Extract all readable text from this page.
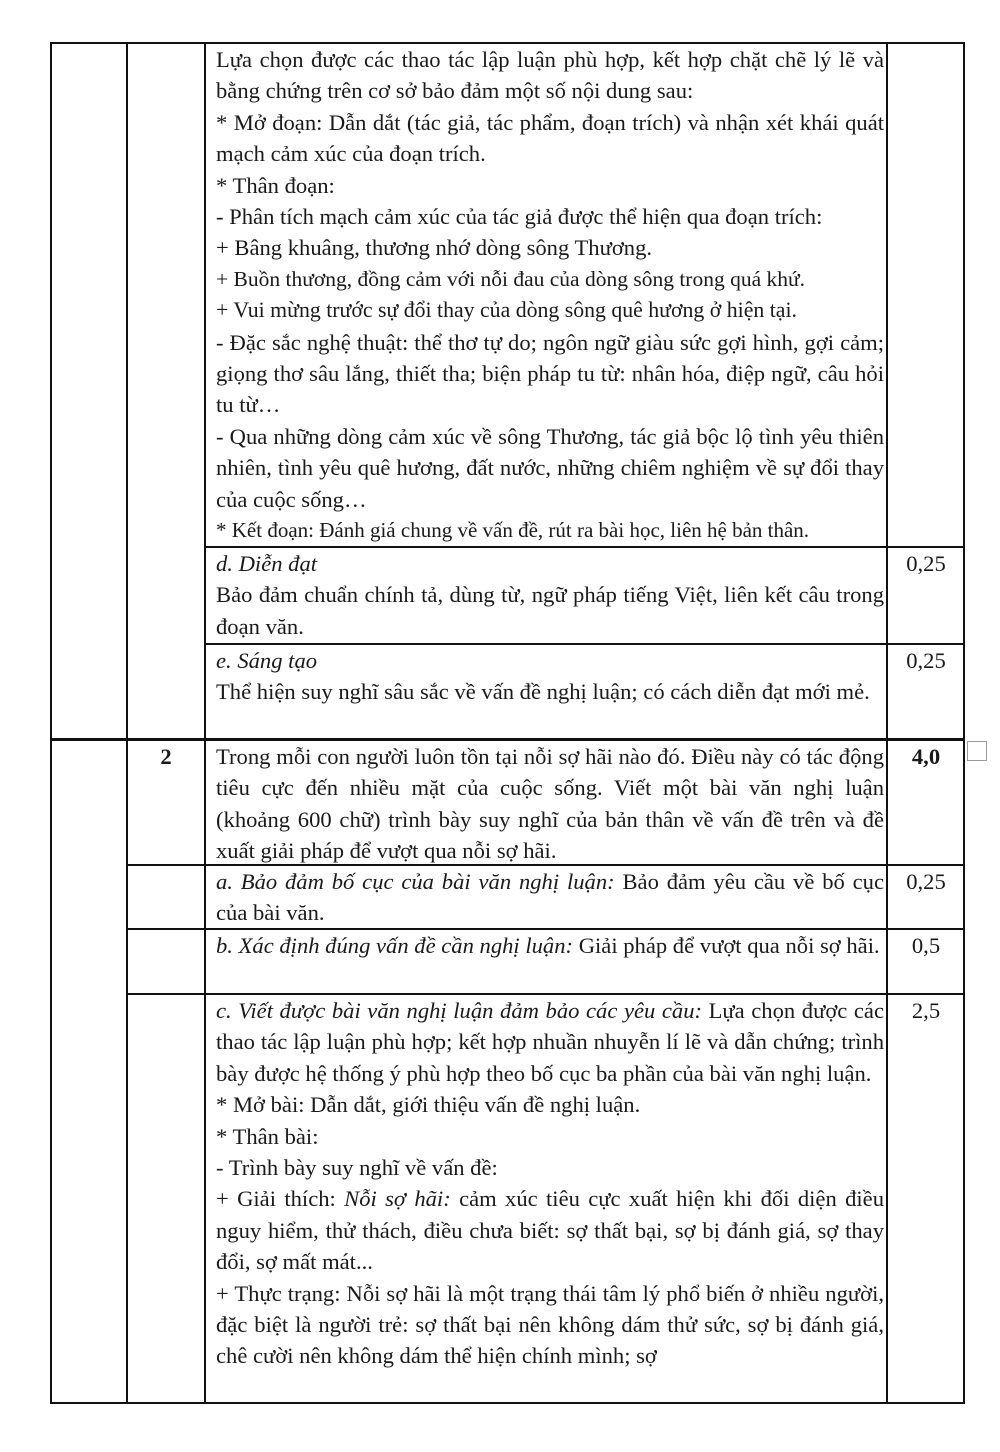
Lựa chọn được các thao tác lập luận phù hợp, kết hợp chặt chẽ lý lẽ và bằng chứng trên cơ sở bảo đảm một số nội dung sau:
* Mở đoạn: Dẫn dắt (tác giả, tác phẩm, đoạn trích) và nhận xét khái quát mạch cảm xúc của đoạn trích.
* Thân đoạn:
- Phân tích mạch cảm xúc của tác giả được thể hiện qua đoạn trích:
+ Bâng khuâng, thương nhớ dòng sông Thương.
+ Buồn thương, đồng cảm với nỗi đau của dòng sông trong quá khứ.
+ Vui mừng trước sự đổi thay của dòng sông quê hương ở hiện tại.
- Đặc sắc nghệ thuật: thể thơ tự do; ngôn ngữ giàu sức gợi hình, gợi cảm; giọng thơ sâu lắng, thiết tha; biện pháp tu từ: nhân hóa, điệp ngữ, câu hỏi tu từ…
- Qua những dòng cảm xúc về sông Thương, tác giả bộc lộ tình yêu thiên nhiên, tình yêu quê hương, đất nước, những chiêm nghiệm về sự đổi thay của cuộc sống…
* Kết đoạn: Đánh giá chung về vấn đề, rút ra bài học, liên hệ bản thân.
d. Diễn đạt
Bảo đảm chuẩn chính tả, dùng từ, ngữ pháp tiếng Việt, liên kết câu trong đoạn văn.
0,25
e. Sáng tạo
Thể hiện suy nghĩ sâu sắc về vấn đề nghị luận; có cách diễn đạt mới mẻ.
0,25
2	Trong mỗi con người luôn tồn tại nỗi sợ hãi nào đó. Điều này có tác động tiêu cực đến nhiều mặt của cuộc sống. Viết một bài văn nghị luận (khoảng 600 chữ) trình bày suy nghĩ của bản thân về vấn đề trên và đề xuất giải pháp để vượt qua nỗi sợ hãi.
4,0
a. Bảo đảm bố cục của bài văn nghị luận: Bảo đảm yêu cầu về bố cục của bài văn.
0,25
b. Xác định đúng vấn đề cần nghị luận: Giải pháp để vượt qua nỗi sợ hãi.	0,5
c. Viết được bài văn nghị luận đảm bảo các yêu cầu: Lựa chọn được các thao tác lập luận phù hợp; kết hợp nhuần nhuyễn lí lẽ và dẫn chứng; trình bày được hệ thống ý phù hợp theo bố cục ba phần của bài văn nghị luận.
* Mở bài: Dẫn dắt, giới thiệu vấn đề nghị luận.
* Thân bài:
- Trình bày suy nghĩ về vấn đề:
+ Giải thích: Nỗi sợ hãi: cảm xúc tiêu cực xuất hiện khi đối diện điều nguy hiểm, thử thách, điều chưa biết: sợ thất bại, sợ bị đánh giá, sợ thay đổi, sợ mất mát...
+ Thực trạng: Nỗi sợ hãi là một trạng thái tâm lý phổ biến ở nhiều người, đặc biệt là người trẻ: sợ thất bại nên không dám thử sức, sợ bị đánh giá, chê cười nên không dám thể hiện chính mình; sợ
2,5
